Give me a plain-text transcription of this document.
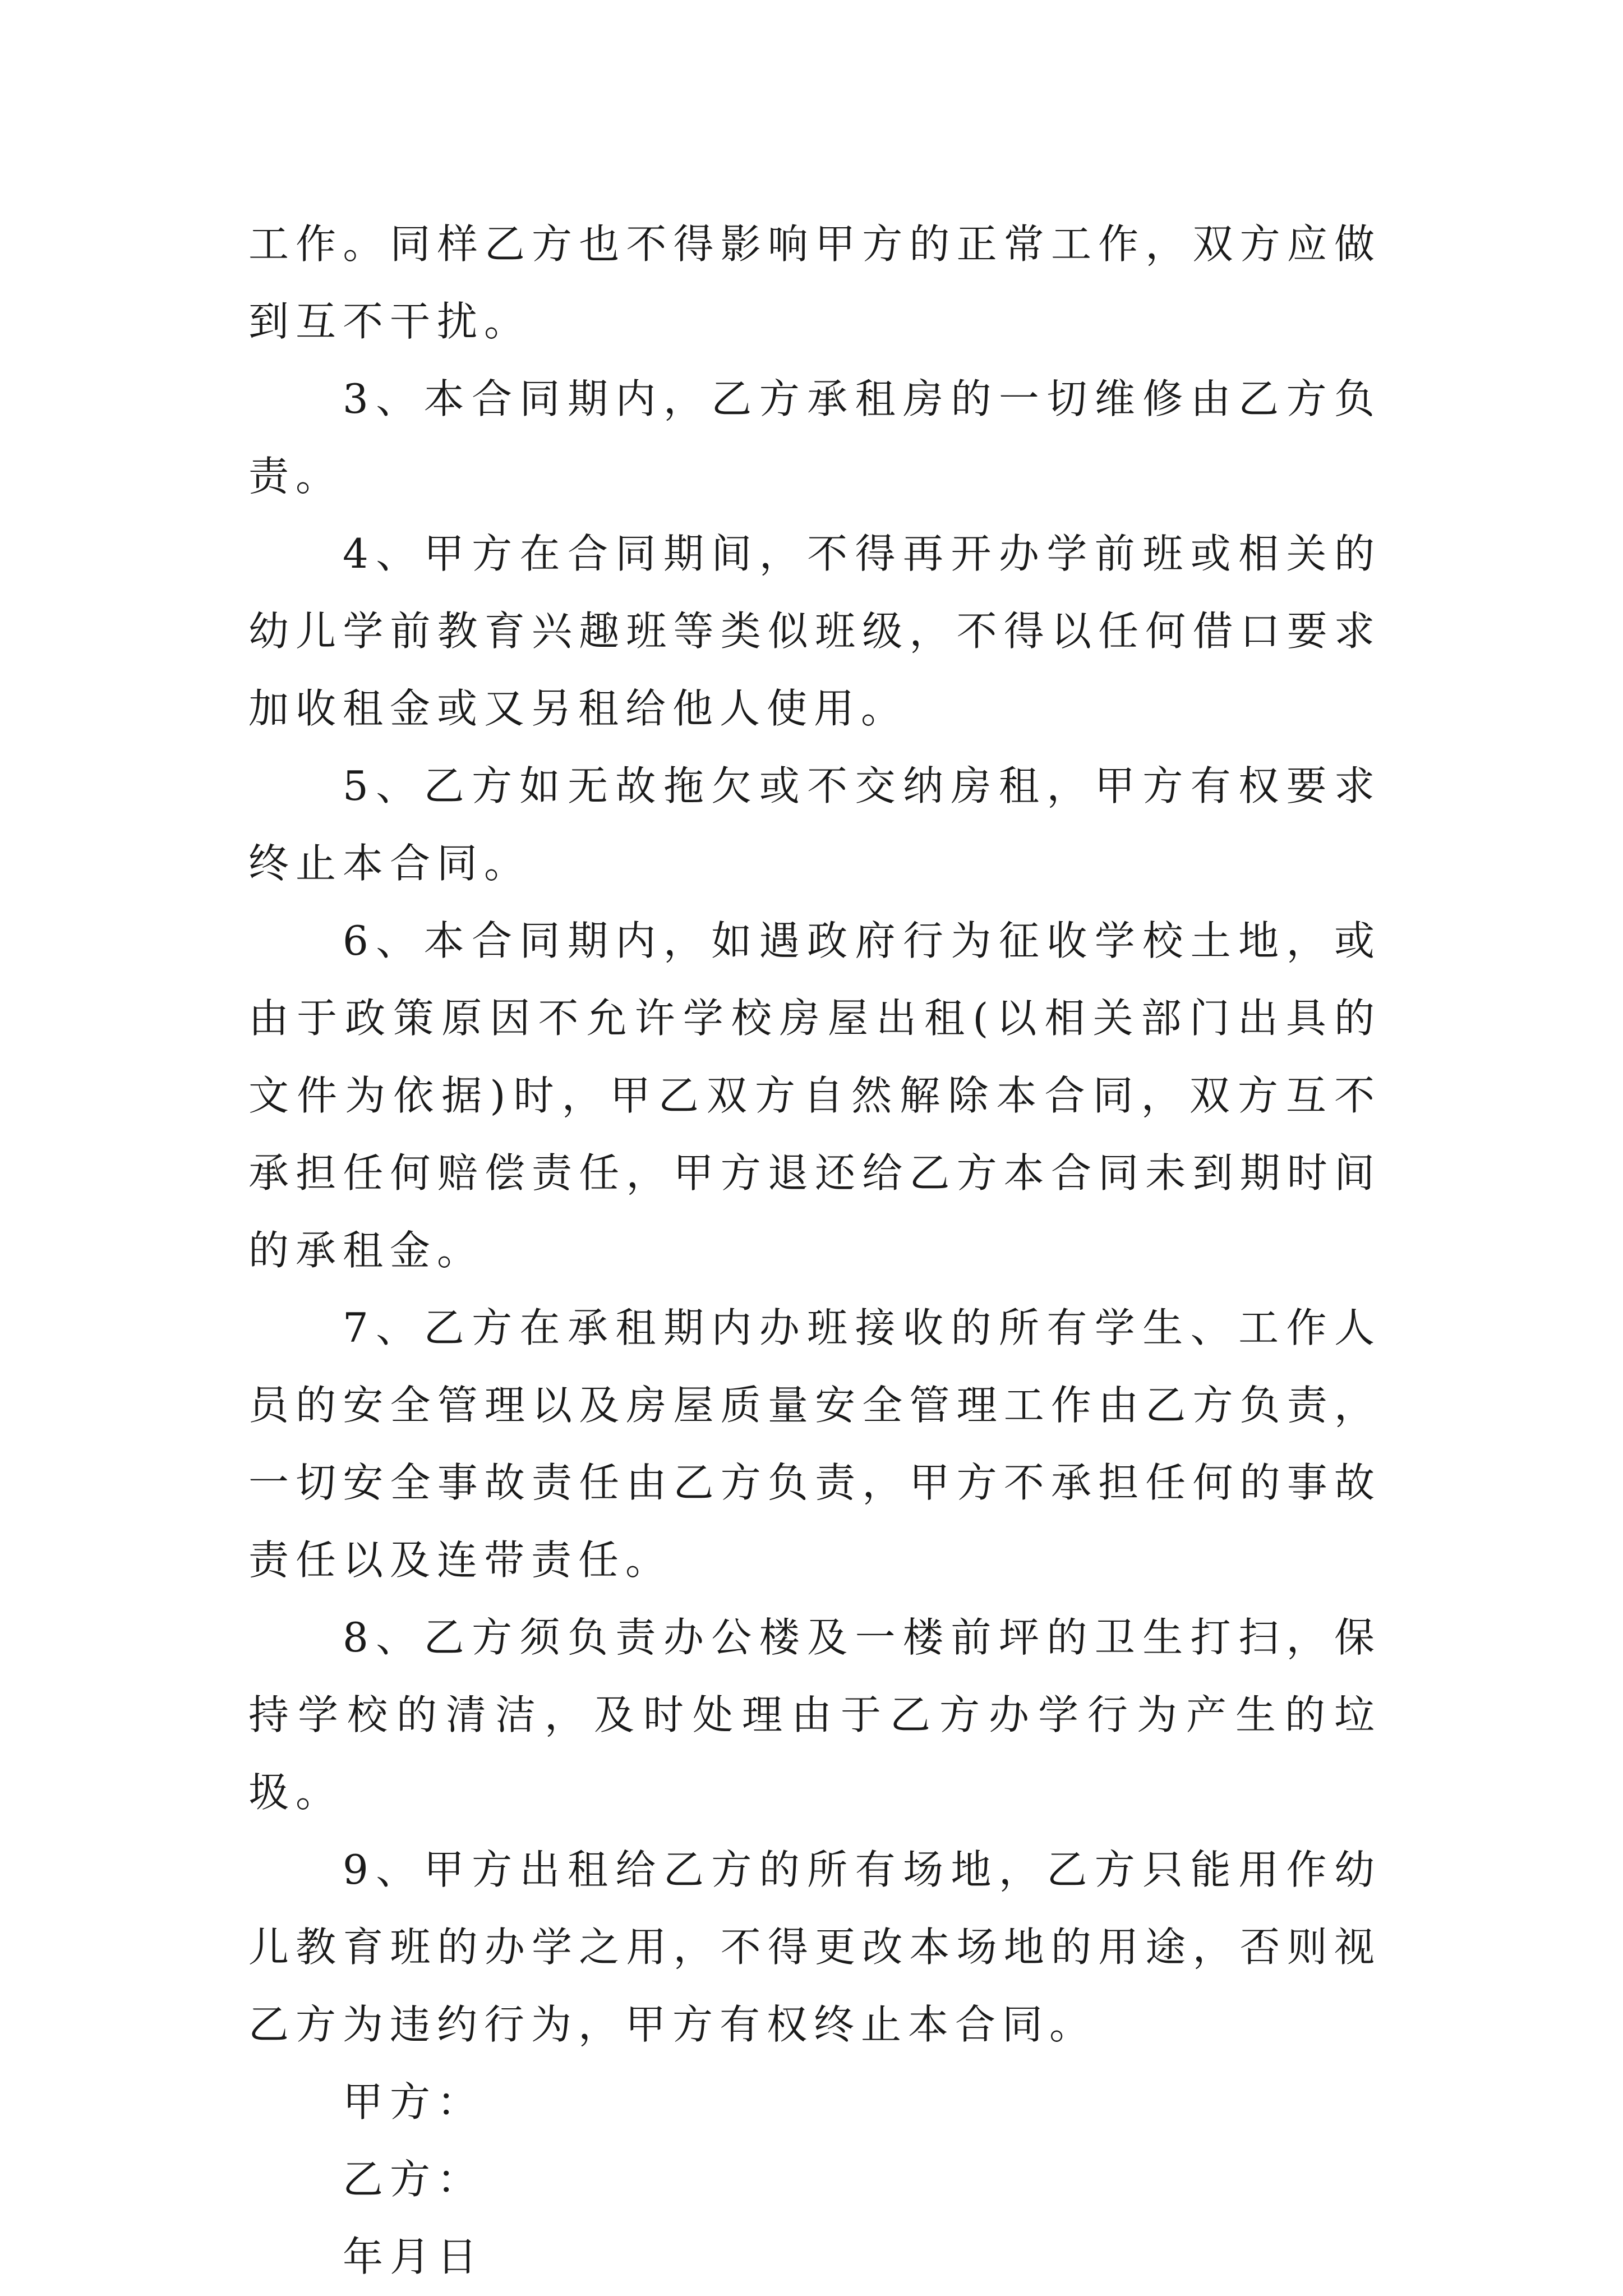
工作。同样乙方也不得影响甲方的正常工作，双方应做到互不干扰。

3、本合同期内，乙方承租房的一切维修由乙方负责。

4、甲方在合同期间，不得再开办学前班或相关的幼儿学前教育兴趣班等类似班级，不得以任何借口要求加收租金或又另租给他人使用。

5、乙方如无故拖欠或不交纳房租，甲方有权要求终止本合同。

6、本合同期内，如遇政府行为征收学校土地，或由于政策原因不允许学校房屋出租(以相关部门出具的文件为依据)时，甲乙双方自然解除本合同，双方互不承担任何赔偿责任，甲方退还给乙方本合同未到期时间的承租金。

7、乙方在承租期内办班接收的所有学生、工作人员的安全管理以及房屋质量安全管理工作由乙方负责，一切安全事故责任由乙方负责，甲方不承担任何的事故责任以及连带责任。

8、乙方须负责办公楼及一楼前坪的卫生打扫，保持学校的清洁，及时处理由于乙方办学行为产生的垃圾。

9、甲方出租给乙方的所有场地，乙方只能用作幼儿教育班的办学之用，不得更改本场地的用途，否则视乙方为违约行为，甲方有权终止本合同。

甲方：

乙方：

年月日
